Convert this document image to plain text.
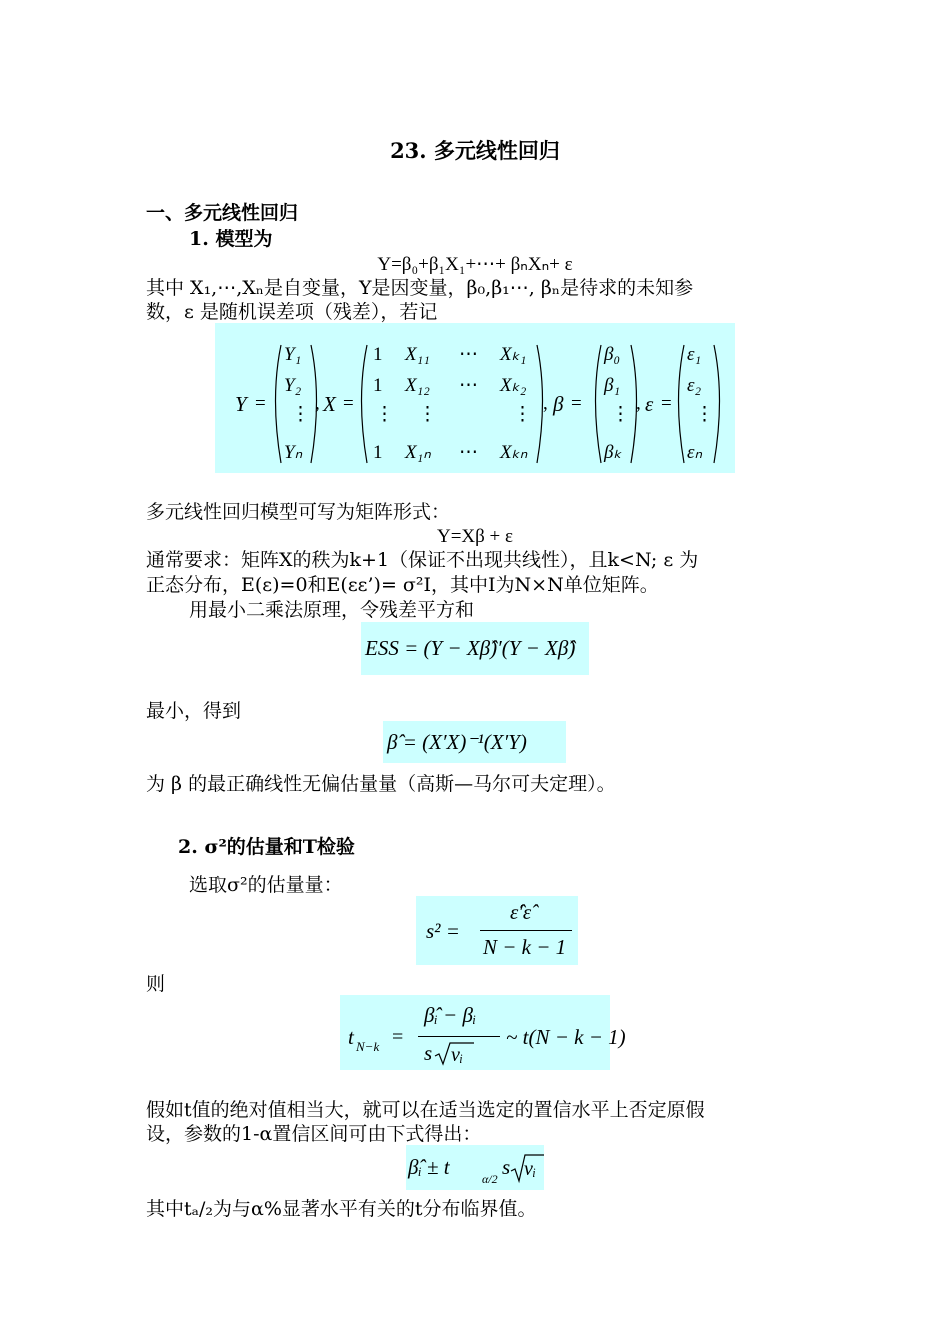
23. 多元线性回归

一、多元线性回归

1. 模型为

Y=β₀+β₁X₁+⋯+ βₙXₙ+ ε

其中 X₁,⋯,Xₙ是自变量，Y是因变量，β₀,β₁⋯, βₙ是待求的未知参

数，ε 是随机误差项（残差），若记

Y =
Y₁
Y₂
⋮
Yₙ
, X =
1 X₁₁ ⋯ Xₖ₁
1 X₁₂ ⋯ Xₖ₂
⋮ ⋮	⋮
1 X₁ₙ ⋯ Xₖₙ
, β =
β₀
β₁
⋮
βₖ
, ε =
ε₁
ε₂
⋮
εₙ

多元线性回归模型可写为矩阵形式：

Y=Xβ + ε

通常要求：矩阵X的秩为k+1（保证不出现共线性），且k<N; ε 为

正态分布，E(ε)=0和E(εε’)= σ²I，其中I为N×N单位矩阵。

用最小二乘法原理，令残差平方和

ESS = (Y − Xβ̂)′(Y − Xβ̂)

最小，得到

β̂ = (X′X)⁻¹(X′Y)

为 β 的最正确线性无偏估量量（高斯—马尔可夫定理）。

2. σ²的估量和T检验

选取σ²的估量量：

s² =
ε̂′ε̂
N − k − 1

则

t N−k =
β̂ᵢ − βᵢ
s vᵢ
~ t(N − k − 1)

假如t值的绝对值相当大，就可以在适当选定的置信水平上否定原假

设，参数的1-α置信区间可由下式得出：

β̂ᵢ ± t	α/2 s vᵢ

其中tₐ/₂为与α%显著水平有关的t分布临界值。
